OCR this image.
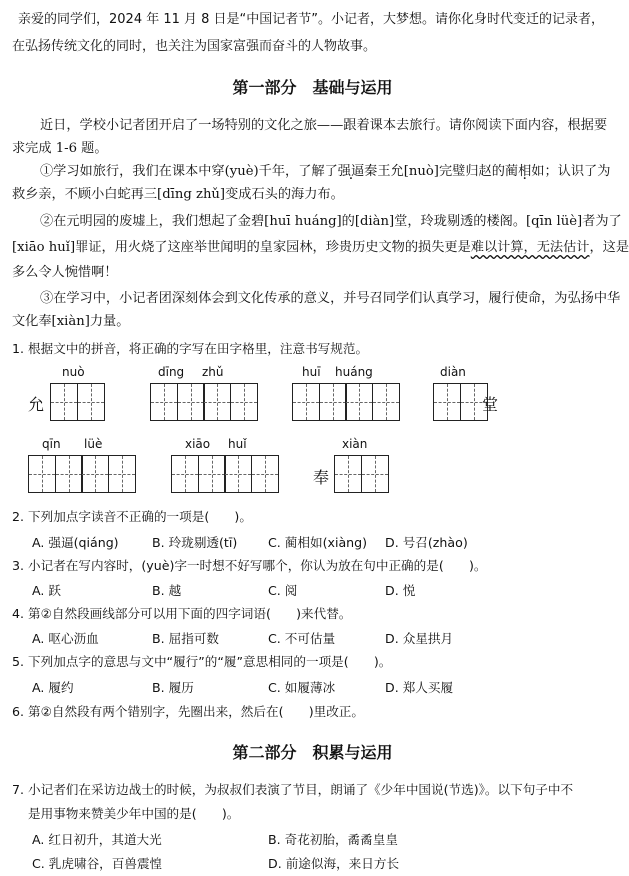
亲爱的同学们，2024 年 11 月 8 日是“中国记者节”。小记者，大梦想。请你化身时代变迁的记录者，
在弘扬传统文化的同时，也关注为国家富强而奋斗的人物故事。
第一部分　基础与运用
近日，学校小记者团开启了一场特别的文化之旅——跟着课本去旅行。请你阅读下面内容，根据要
求完成 1-6 题。
①学习如旅行，我们在课本中穿(yuè)千年，了解了强逼秦王允[nuò]完璧归赵的蔺相如；认识了为
救乡亲，不顾小白蛇再三[dīng zhǔ]变成石头的海力布。
②在元明园的废墟上，我们想起了金碧[huī huáng]的[diàn]堂，玲珑剔透的楼阁。[qīn lüè]者为了
[xiāo huǐ]罪证，用火烧了这座举世闻明的皇家园林，珍贵历史文物的损失更是难以计算，无法估计，这是
多么令人惋惜啊！
③在学习中，小记者团深刻体会到文化传承的意义，并号召同学们认真学习，履行使命，为弘扬中华
文化奉[xiàn]力量。
1. 根据文中的拼音，将正确的字写在田字格里，注意书写规范。
nuò
允
dīng zhǔ	huī huáng	diàn
堂
qīn lüè	xiāo huǐ
奉
xiàn
2. 下列加点字读音不正确的一项是(　　)。
A. 强逼(qiáng)	B. 玲珑剔透(tī) C. 蔺相如(xiàng) D. 号召(zhào)
3. 小记者在写内容时，(yuè)字一时想不好写哪个，你认为放在句中正确的是(　　)。
A. 跃	B. 越	C. 阅	D. 悦
4. 第②自然段画线部分可以用下面的四字词语(　　)来代替。
A. 呕心沥血	B. 屈指可数	C. 不可估量	D. 众星拱月
5. 下列加点字的意思与文中“履行”的“履”意思相同的一项是(　　)。
A. 履约	B. 履历	C. 如履薄冰	D. 郑人买履
6. 第②自然段有两个错别字，先圈出来，然后在(　　)里改正。
第二部分　积累与运用
7. 小记者们在采访边战士的时候，为叔叔们表演了节目，朗诵了《少年中国说(节选)》。以下句子中不
是用事物来赞美少年中国的是(　　)。
A. 红日初升，其道大光	B. 奇花初胎，矞矞皇皇
C. 乳虎啸谷，百兽震惶	D. 前途似海，来日方长
